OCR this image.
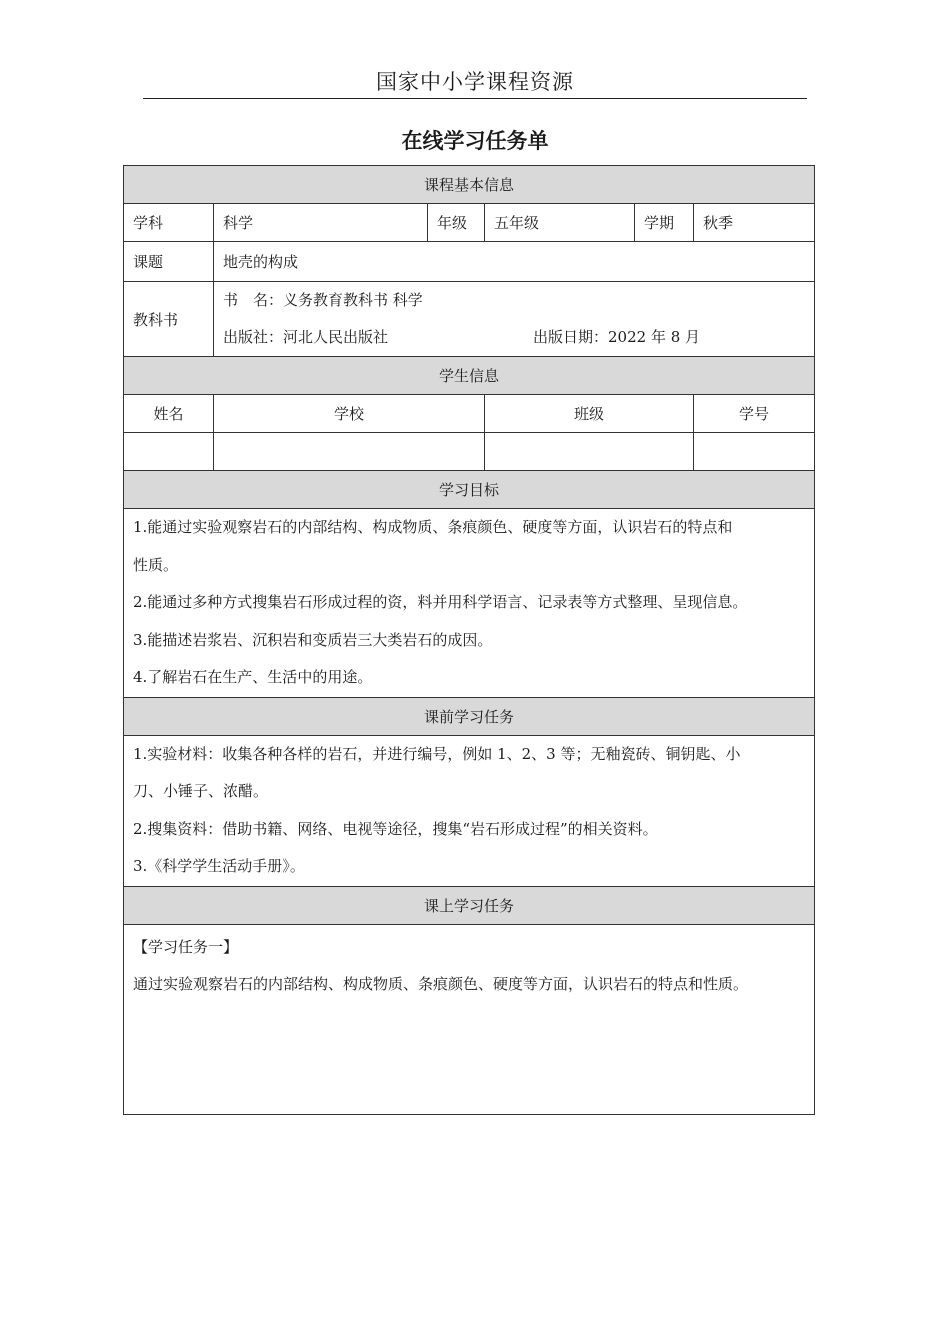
国家中小学课程资源
在线学习任务单
课程基本信息					
学科	科学	年级	五年级	学期	秋季
课题	地壳的构成				
教科书	书　名：义务教育教科书 科学
出版社：河北人民出版社 出版日期：2022 年 8 月				

学生信息					
姓名	学校		班级		学号

学习目标					

1.能通过实验观察岩石的内部结构、构成物质、条痕颜色、硬度等方面，认识岩石的特点和
性质。
2.能通过多种方式搜集岩石形成过程的资，料并用科学语言、记录表等方式整理、呈现信息。
3.能描述岩浆岩、沉积岩和变质岩三大类岩石的成因。
4.了解岩石在生产、生活中的用途。					

课前学习任务					

1.实验材料：收集各种各样的岩石，并进行编号，例如 1、2、3 等；无釉瓷砖、铜钥匙、小
刀、小锤子、浓醋。
2.搜集资料：借助书籍、网络、电视等途径，搜集“岩石形成过程”的相关资料。
3.《科学学生活动手册》。					

课上学习任务					

【学习任务一】
通过实验观察岩石的内部结构、构成物质、条痕颜色、硬度等方面，认识岩石的特点和性质。					
